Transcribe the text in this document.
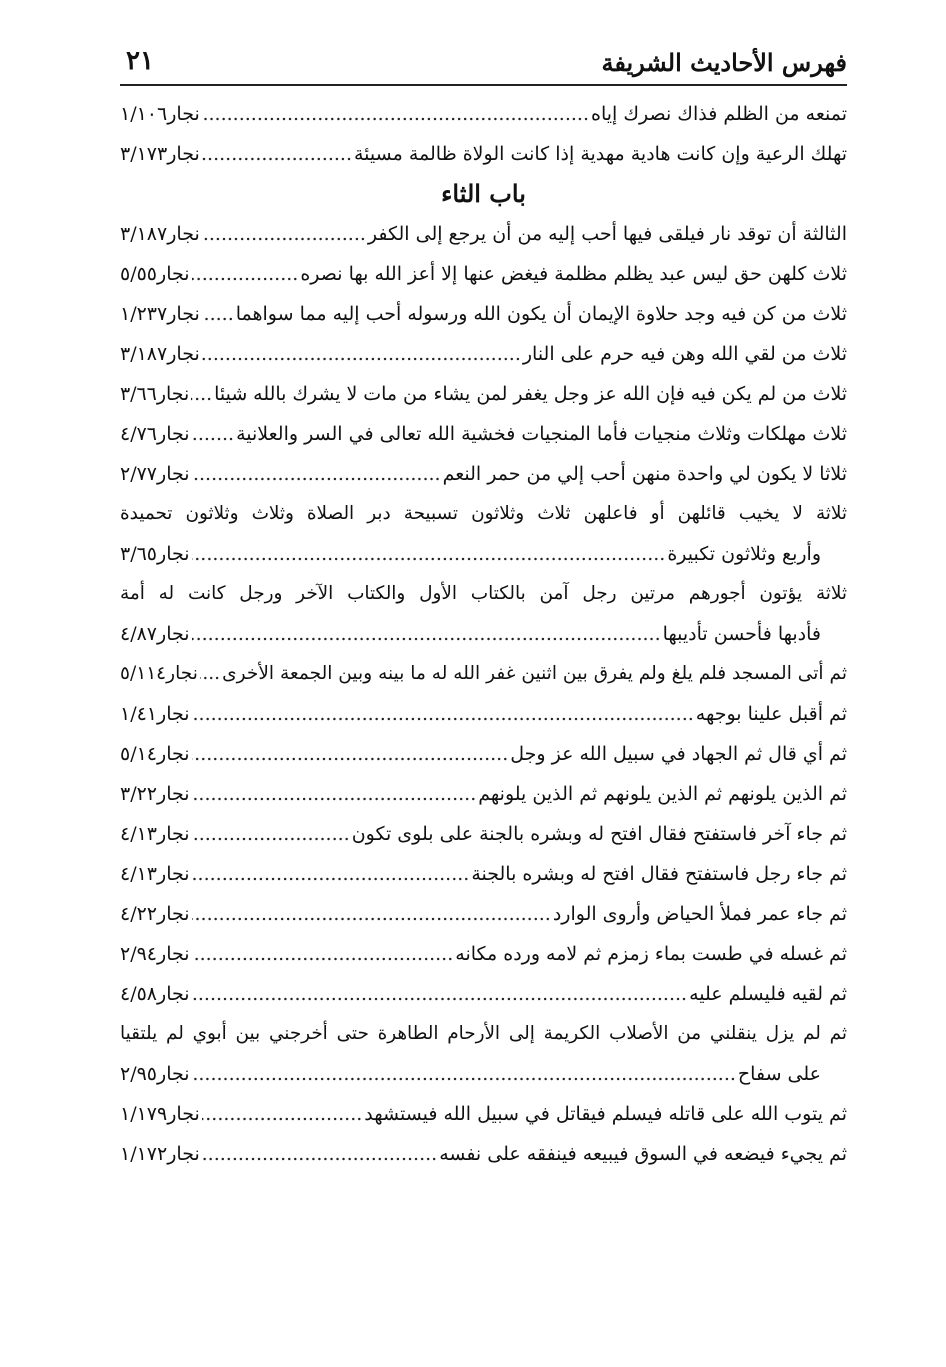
فهرس الأحاديث الشريفة
٢١
تمنعه من الظلم فذاك نصرك إياه
.....
نجار١/١٠٦
تهلك الرعية وإن كانت هادية مهدية إذا كانت الولاة ظالمة مسيئة
.....
نجار٣/١٧٣
باب الثاء
الثالثة أن توقد نار فيلقى فيها أحب إليه من أن يرجع إلى الكفر
.....
نجار٣/١٨٧
ثلاث كلهن حق ليس عبد يظلم مظلمة فيغض عنها إلا أعز الله بها نصره
.....
نجار٥/٥٥
ثلاث من كن فيه وجد حلاوة الإيمان أن يكون الله ورسوله أحب إليه مما سواهما
.....
نجار١/٢٣٧
ثلاث من لقي الله وهن فيه حرم على النار
.....
نجار٣/١٨٧
ثلاث من لم يكن فيه فإن الله عز وجل يغفر لمن يشاء من مات لا يشرك بالله شيئا
.....
نجار٣/٦٦
ثلاث مهلكات وثلاث منجيات فأما المنجيات فخشية الله تعالى في السر والعلانية
.....
نجار٤/٧٦
ثلاثا لا يكون لي واحدة منهن أحب إلي من حمر النعم
.....
نجار٢/٧٧
ثلاثة لا يخيب قائلهن أو فاعلهن ثلاث وثلاثون تسبيحة دبر الصلاة وثلاث وثلاثون تحميدة
وأربع وثلاثون تكبيرة
.....
نجار٣/٦٥
ثلاثة يؤتون أجورهم مرتين رجل آمن بالكتاب الأول والكتاب الآخر ورجل كانت له أمة
فأدبها فأحسن تأديبها
.....
نجار٤/٨٧
ثم أتى المسجد فلم يلغ ولم يفرق بين اثنين غفر الله له ما بينه وبين الجمعة الأخرى
.....
نجار٥/١١٤
ثم أقبل علينا بوجهه
.....
نجار١/٤١
ثم أي قال ثم الجهاد في سبيل الله عز وجل
.....
نجار٥/١٤
ثم الذين يلونهم ثم الذين يلونهم ثم الذين يلونهم
.....
نجار٣/٢٢
ثم جاء آخر فاستفتح فقال افتح له وبشره بالجنة على بلوى تكون
.....
نجار٤/١٣
ثم جاء رجل فاستفتح فقال افتح له وبشره بالجنة
.....
نجار٤/١٣
ثم جاء عمر فملأ الحياض وأروى الوارد
.....
نجار٤/٢٢
ثم غسله في طست بماء زمزم ثم لامه ورده مكانه
.....
نجار٢/٩٤
ثم لقيه فليسلم عليه
.....
نجار٤/٥٨
ثم لم يزل ينقلني من الأصلاب الكريمة إلى الأرحام الطاهرة حتى أخرجني بين أبوي لم يلتقيا
على سفاح
.....
نجار٢/٩٥
ثم يتوب الله على قاتله فيسلم فيقاتل في سبيل الله فيستشهد
.....
نجار١/١٧٩
ثم يجيء فيضعه في السوق فيبيعه فينفقه على نفسه
.....
نجار١/١٧٢
